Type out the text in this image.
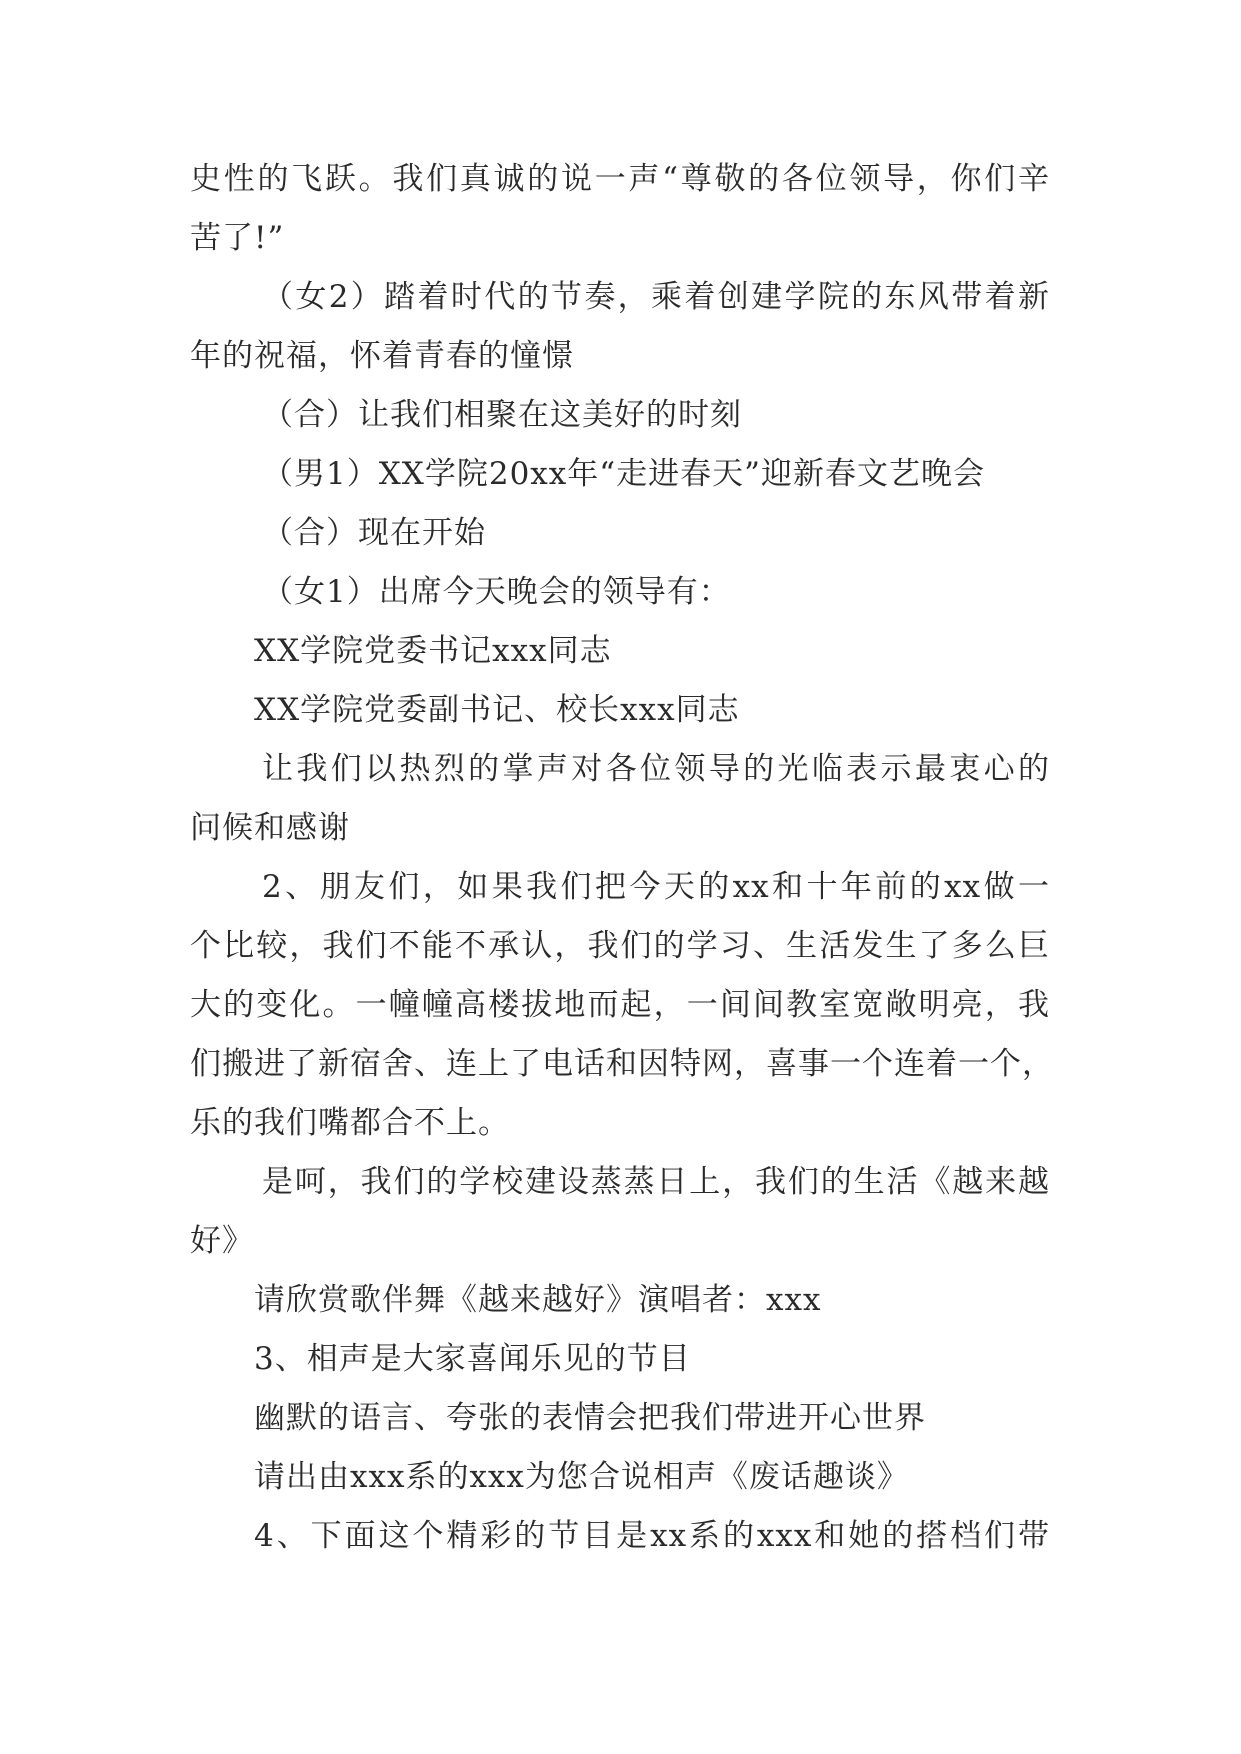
史性的飞跃。我们真诚的说一声“尊敬的各位领导，你们辛
苦了!”
（女2）踏着时代的节奏，乘着创建学院的东风带着新
年的祝福，怀着青春的憧憬
（合）让我们相聚在这美好的时刻
（男1）XX学院20xx年“走进春天”迎新春文艺晚会
（合）现在开始
（女1）出席今天晚会的领导有：
XX学院党委书记xxx同志
XX学院党委副书记、校长xxx同志
让我们以热烈的掌声对各位领导的光临表示最衷心的
问候和感谢
2、朋友们，如果我们把今天的xx和十年前的xx做一
个比较，我们不能不承认，我们的学习、生活发生了多么巨
大的变化。一幢幢高楼拔地而起，一间间教室宽敞明亮，我
们搬进了新宿舍、连上了电话和因特网，喜事一个连着一个，
乐的我们嘴都合不上。
是呵，我们的学校建设蒸蒸日上，我们的生活《越来越
好》
请欣赏歌伴舞《越来越好》演唱者：xxx
3、相声是大家喜闻乐见的节目
幽默的语言、夸张的表情会把我们带进开心世界
请出由xxx系的xxx为您合说相声《废话趣谈》
4、下面这个精彩的节目是xx系的xxx和她的搭档们带
